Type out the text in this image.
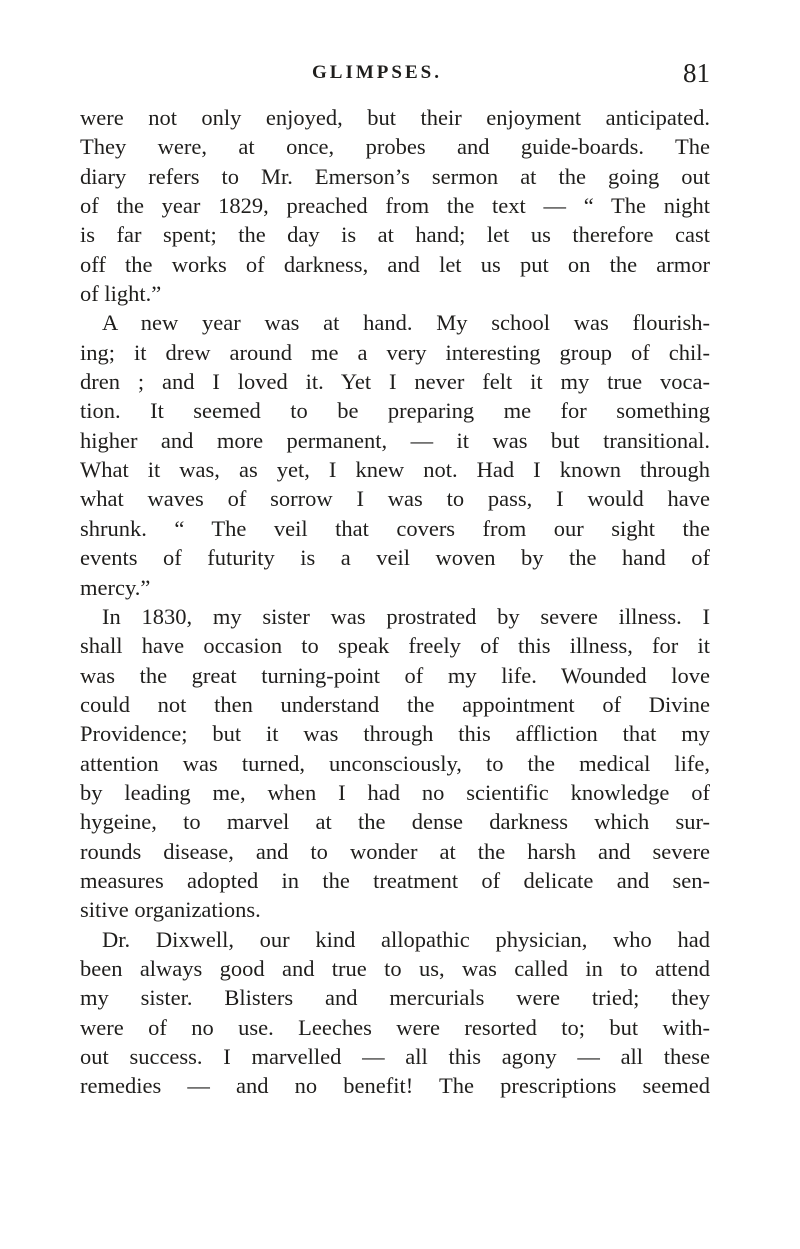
GLIMPSES.	81
were not only enjoyed, but their enjoyment anticipated.
They were, at once, probes and guide-boards. The
diary refers to Mr. Emerson’s sermon at the going out
of the year 1829, preached from the text — “ The night
is far spent; the day is at hand; let us therefore cast
off the works of darkness, and let us put on the armor
of light.”
A new year was at hand. My school was flourish-
ing; it drew around me a very interesting group of chil-
dren ; and I loved it. Yet I never felt it my true voca-
tion. It seemed to be preparing me for something
higher and more permanent, — it was but transitional.
What it was, as yet, I knew not. Had I known through
what waves of sorrow I was to pass, I would have
shrunk. “ The veil that covers from our sight the
events of futurity is a veil woven by the hand of
mercy.”
In 1830, my sister was prostrated by severe illness. I
shall have occasion to speak freely of this illness, for it
was the great turning-point of my life. Wounded love
could not then understand the appointment of Divine
Providence; but it was through this affliction that my
attention was turned, unconsciously, to the medical life,
by leading me, when I had no scientific knowledge of
hygeine, to marvel at the dense darkness which sur-
rounds disease, and to wonder at the harsh and severe
measures adopted in the treatment of delicate and sen-
sitive organizations.
Dr. Dixwell, our kind allopathic physician, who had
been always good and true to us, was called in to attend
my sister. Blisters and mercurials were tried; they
were of no use. Leeches were resorted to; but with-
out success. I marvelled — all this agony — all these
remedies — and no benefit! The prescriptions seemed
